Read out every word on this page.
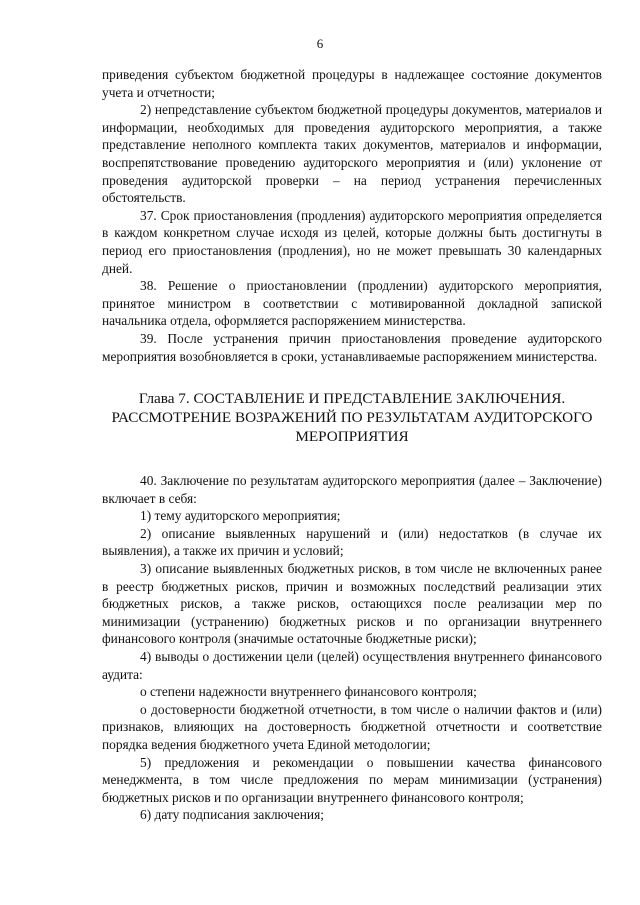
6

приведения субъектом бюджетной процедуры в надлежащее состояние документов учета и отчетности;

2) непредставление субъектом бюджетной процедуры документов, материалов и информации, необходимых для проведения аудиторского мероприятия, а также представление неполного комплекта таких документов, материалов и информации, воспрепятствование проведению аудиторского мероприятия и (или) уклонение от проведения аудиторской проверки – на период устранения перечисленных обстоятельств.

37. Срок приостановления (продления) аудиторского мероприятия определяется в каждом конкретном случае исходя из целей, которые должны быть достигнуты в период его приостановления (продления), но не может превышать 30 календарных дней.

38. Решение о приостановлении (продлении) аудиторского мероприятия, принятое министром в соответствии с мотивированной докладной запиской начальника отдела, оформляется распоряжением министерства.

39. После устранения причин приостановления проведение аудиторского мероприятия возобновляется в сроки, устанавливаемые распоряжением министерства.

Глава 7. СОСТАВЛЕНИЕ И ПРЕДСТАВЛЕНИЕ ЗАКЛЮЧЕНИЯ.
РАССМОТРЕНИЕ ВОЗРАЖЕНИЙ ПО РЕЗУЛЬТАТАМ АУДИТОРСКОГО
МЕРОПРИЯТИЯ

40. Заключение по результатам аудиторского мероприятия (далее – Заключение) включает в себя:

1) тему аудиторского мероприятия;

2) описание выявленных нарушений и (или) недостатков (в случае их выявления), а также их причин и условий;

3) описание выявленных бюджетных рисков, в том числе не включенных ранее в реестр бюджетных рисков, причин и возможных последствий реализации этих бюджетных рисков, а также рисков, остающихся после реализации мер по минимизации (устранению) бюджетных рисков и по организации внутреннего финансового контроля (значимые остаточные бюджетные риски);

4) выводы о достижении цели (целей) осуществления внутреннего финансового аудита:

о степени надежности внутреннего финансового контроля;

о достоверности бюджетной отчетности, в том числе о наличии фактов и (или) признаков, влияющих на достоверность бюджетной отчетности и соответствие порядка ведения бюджетного учета Единой методологии;

5) предложения и рекомендации о повышении качества финансового менеджмента, в том числе предложения по мерам минимизации (устранения) бюджетных рисков и по организации внутреннего финансового контроля;

6) дату подписания заключения;
